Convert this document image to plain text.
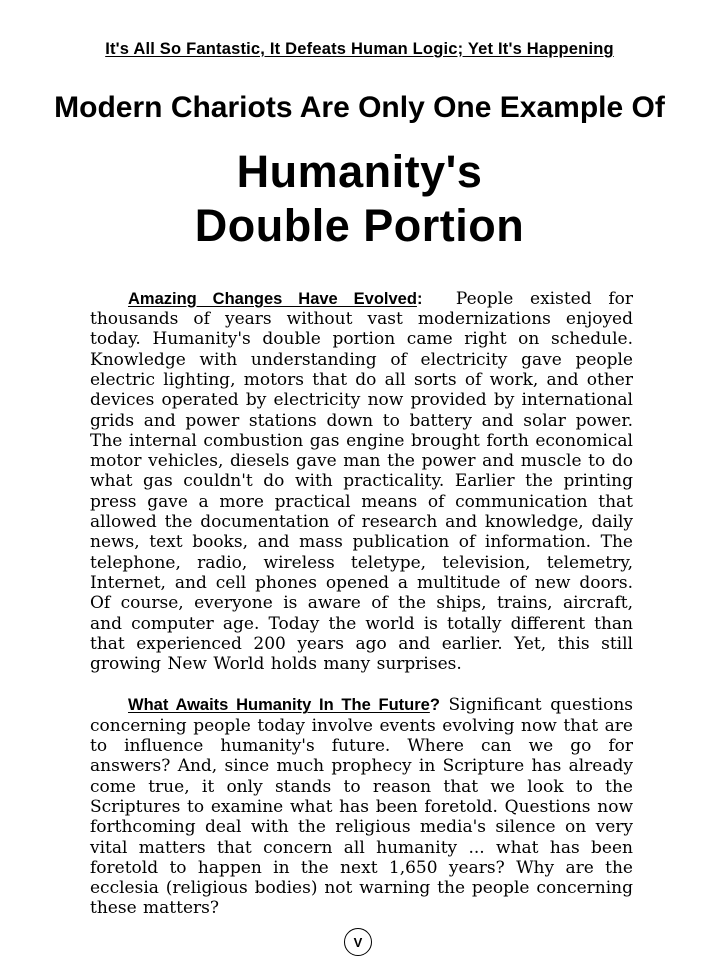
It's All So Fantastic, It Defeats Human Logic; Yet It's Happening
Modern Chariots Are Only One Example Of
Humanity's
Double Portion

Amazing Changes Have Evolved: People existed for thousands of years without vast modernizations enjoyed today. Humanity's double portion came right on schedule. Knowledge with understanding of electricity gave people electric lighting, motors that do all sorts of work, and other devices operated by electricity now provided by international grids and power stations down to battery and solar power. The internal combustion gas engine brought forth economical motor vehicles, diesels gave man the power and muscle to do what gas couldn't do with practicality. Earlier the printing press gave a more practical means of communication that allowed the documentation of research and knowledge, daily news, text books, and mass publication of information. The telephone, radio, wireless teletype, television, telemetry, Internet, and cell phones opened a multitude of new doors. Of course, everyone is aware of the ships, trains, aircraft, and computer age. Today the world is totally different than that experienced 200 years ago and earlier. Yet, this still growing New World holds many surprises.

What Awaits Humanity In The Future? Significant questions concerning people today involve events evolving now that are to influence humanity's future. Where can we go for answers? And, since much prophecy in Scripture has already come true, it only stands to reason that we look to the Scriptures to examine what has been foretold. Questions now forthcoming deal with the religious media's silence on very vital matters that concern all humanity ... what has been foretold to happen in the next 1,650 years? Why are the ecclesia (religious bodies) not warning the people concerning these matters?

V
